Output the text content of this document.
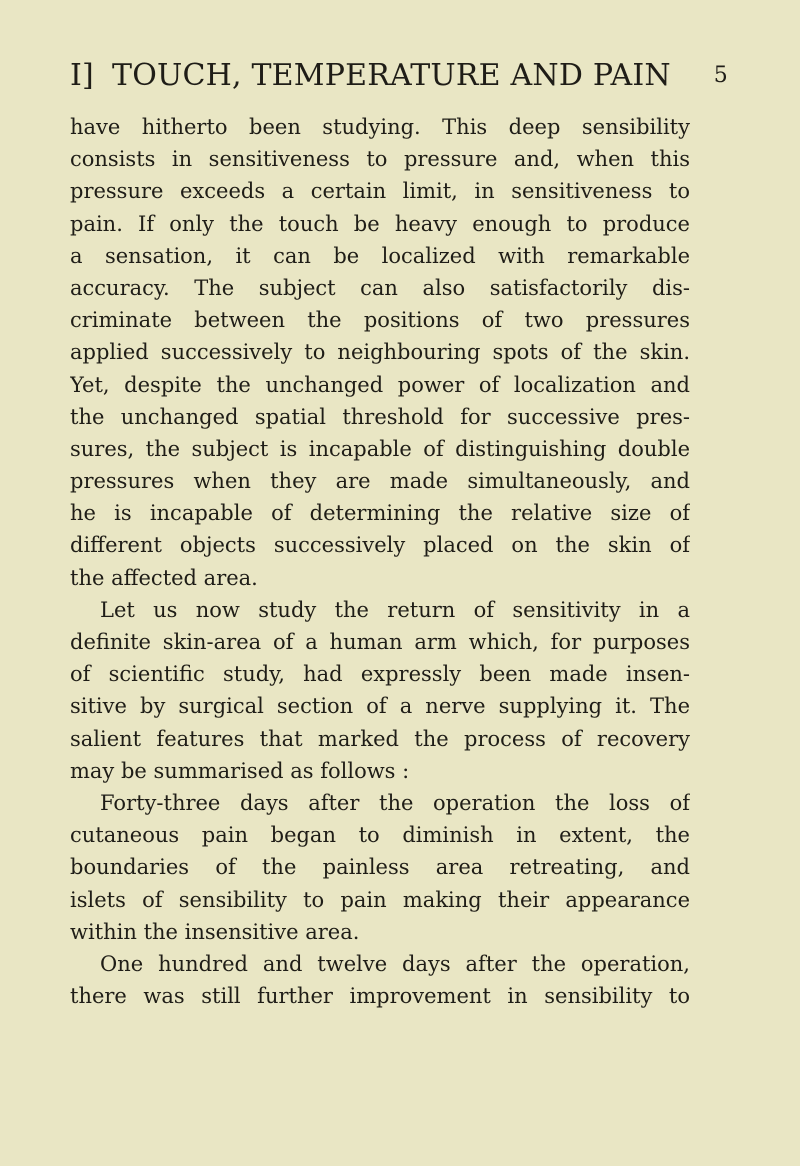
I] TOUCH, TEMPERATURE AND PAIN 5
have hitherto been studying. This deep sensibility
consists in sensitiveness to pressure and, when this
pressure exceeds a certain limit, in sensitiveness to
pain. If only the touch be heavy enough to produce
a sensation, it can be localized with remarkable
accuracy. The subject can also satisfactorily dis-
criminate between the positions of two pressures
applied successively to neighbouring spots of the skin.
Yet, despite the unchanged power of localization and
the unchanged spatial threshold for successive pres-
sures, the subject is incapable of distinguishing double
pressures when they are made simultaneously, and
he is incapable of determining the relative size of
different objects successively placed on the skin of
the affected area.
Let us now study the return of sensitivity in a
definite skin-area of a human arm which, for purposes
of scientific study, had expressly been made insen-
sitive by surgical section of a nerve supplying it. The
salient features that marked the process of recovery
may be summarised as follows :
Forty-three days after the operation the loss of
cutaneous pain began to diminish in extent, the
boundaries of the painless area retreating, and
islets of sensibility to pain making their appearance
within the insensitive area.
One hundred and twelve days after the operation,
there was still further improvement in sensibility to
